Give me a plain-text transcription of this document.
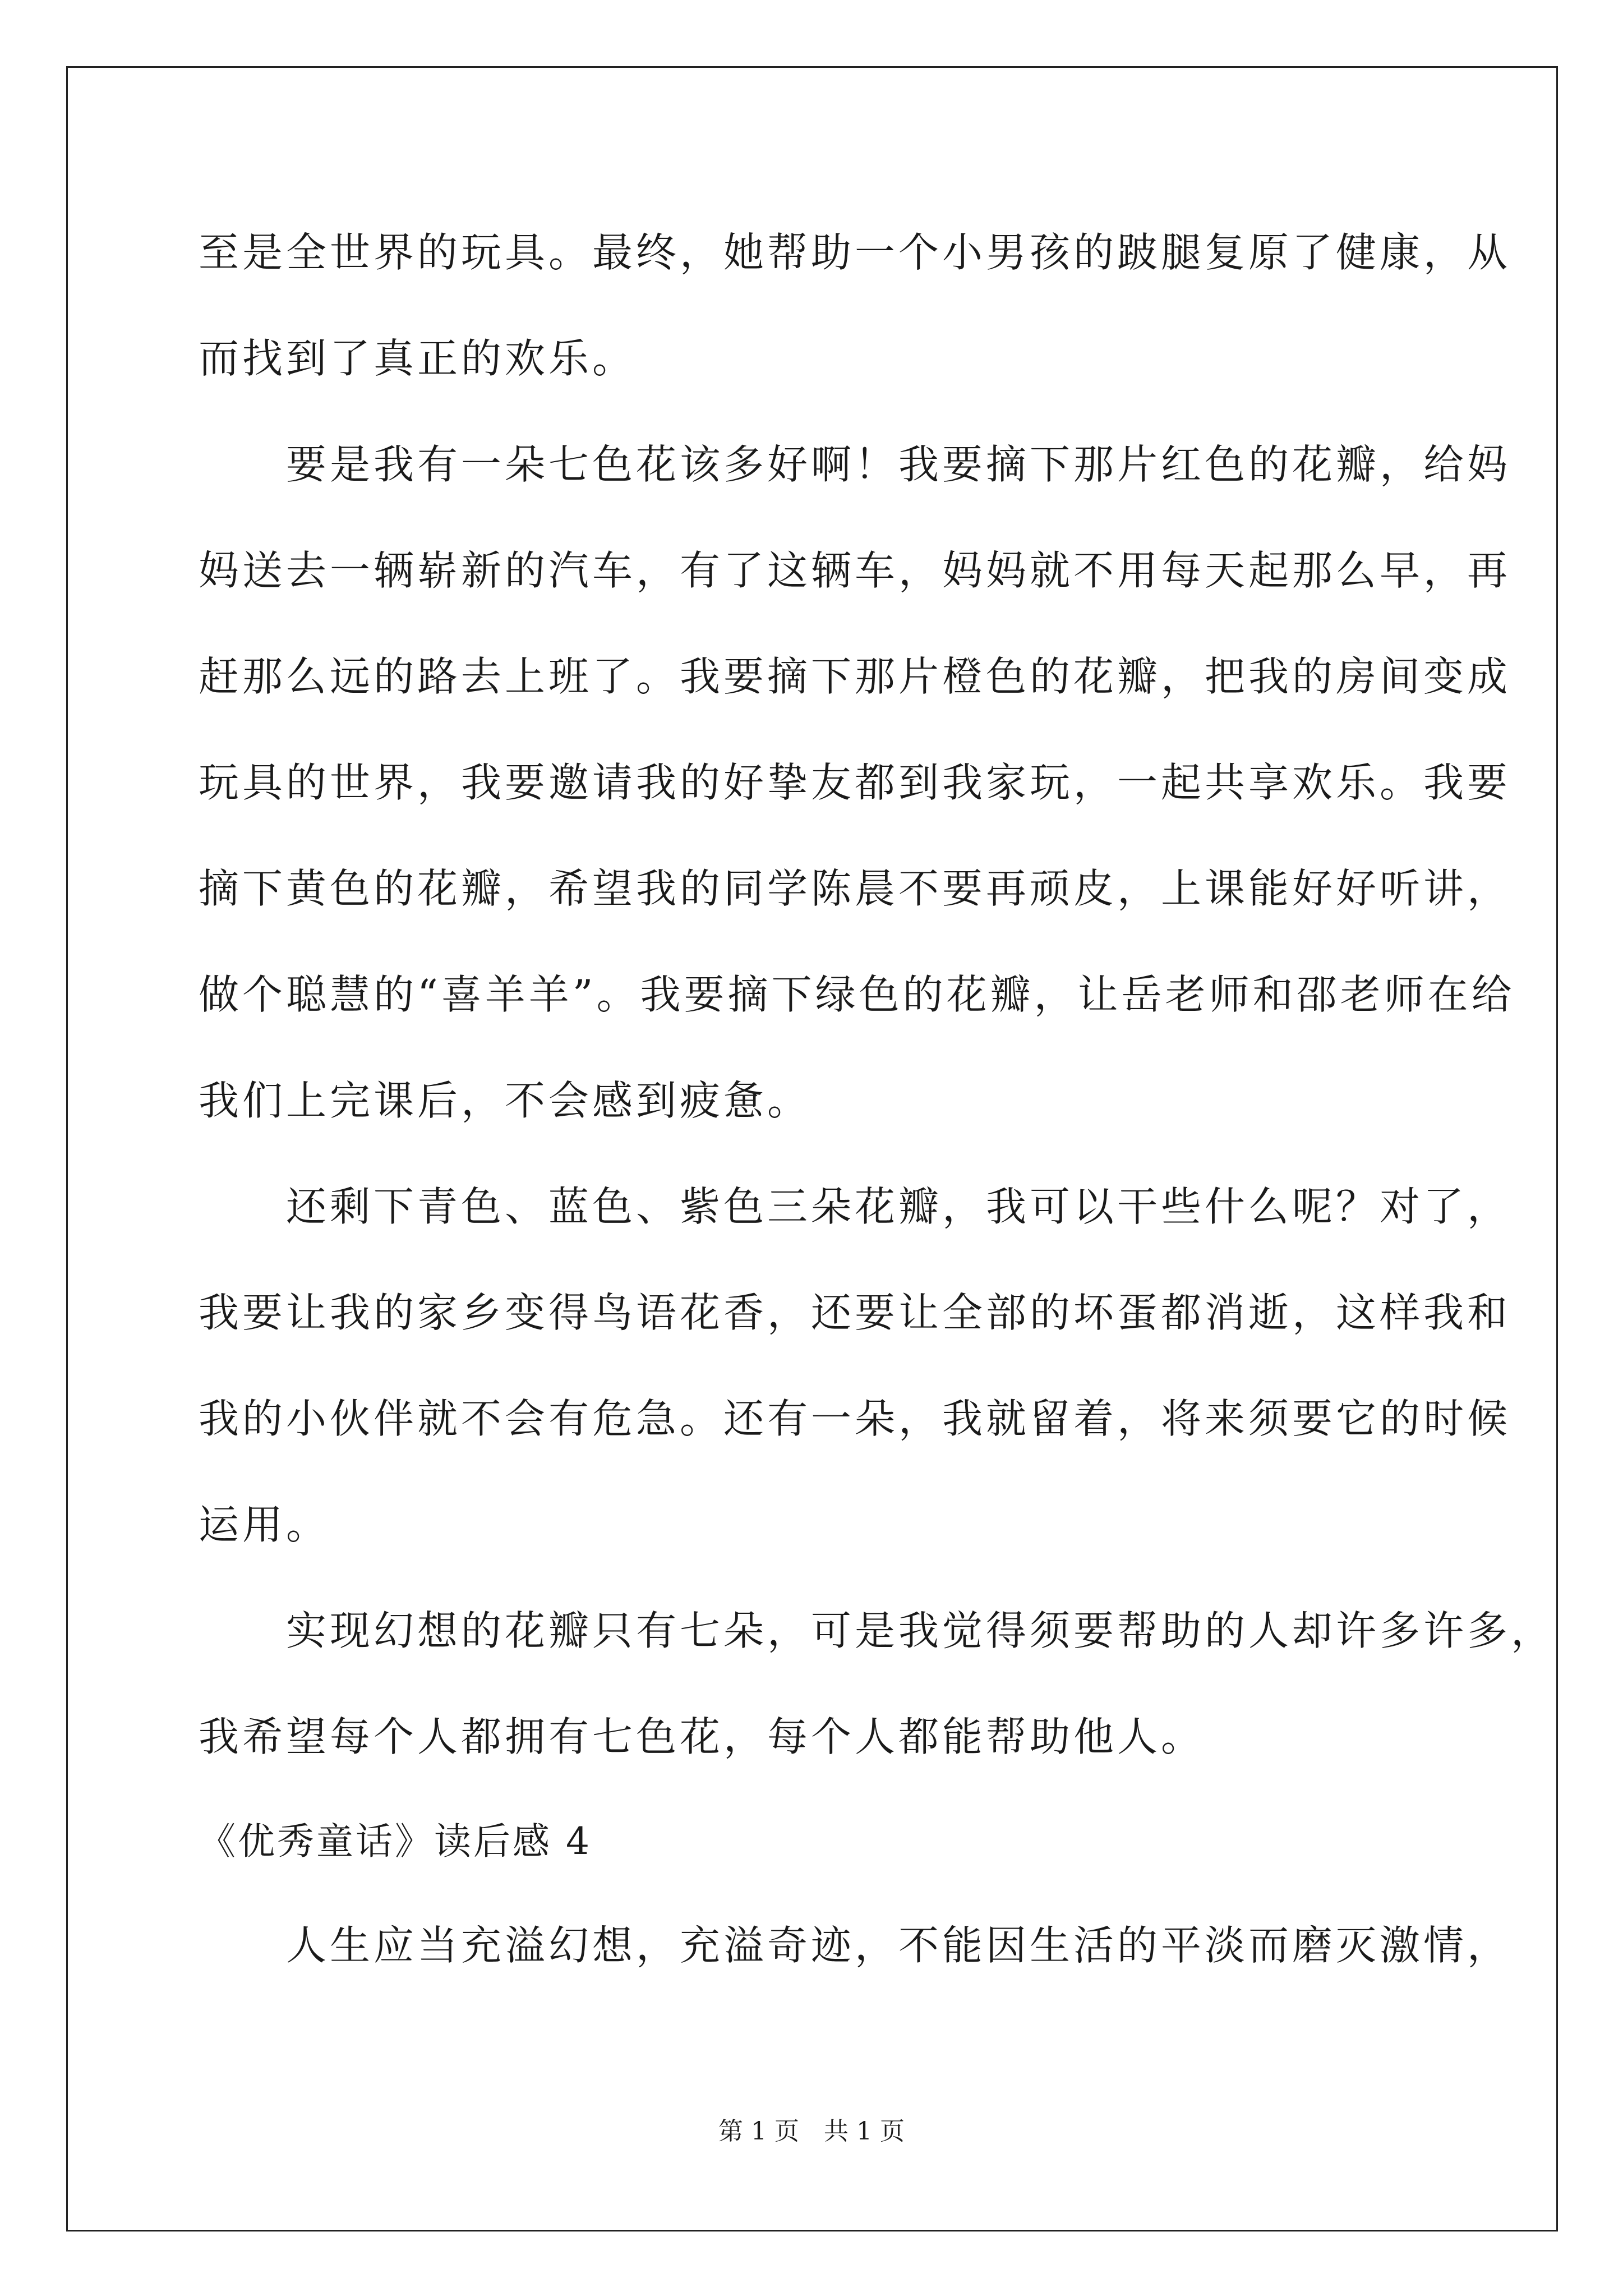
至是全世界的玩具。最终，她帮助一个小男孩的跛腿复原了健康，从
而找到了真正的欢乐。
　　要是我有一朵七色花该多好啊！我要摘下那片红色的花瓣，给妈
妈送去一辆崭新的汽车，有了这辆车，妈妈就不用每天起那么早，再
赶那么远的路去上班了。我要摘下那片橙色的花瓣，把我的房间变成
玩具的世界，我要邀请我的好挚友都到我家玩，一起共享欢乐。我要
摘下黄色的花瓣，希望我的同学陈晨不要再顽皮，上课能好好听讲，
做个聪慧的“喜羊羊”。我要摘下绿色的花瓣，让岳老师和邵老师在给
我们上完课后，不会感到疲惫。
　　还剩下青色、蓝色、紫色三朵花瓣，我可以干些什么呢？对了，
我要让我的家乡变得鸟语花香，还要让全部的坏蛋都消逝，这样我和
我的小伙伴就不会有危急。还有一朵，我就留着，将来须要它的时候
运用。
　　实现幻想的花瓣只有七朵，可是我觉得须要帮助的人却许多许多，
我希望每个人都拥有七色花，每个人都能帮助他人。
《优秀童话》读后感 4
　　人生应当充溢幻想，充溢奇迹，不能因生活的平淡而磨灭激情，
第 1 页　共 1 页
